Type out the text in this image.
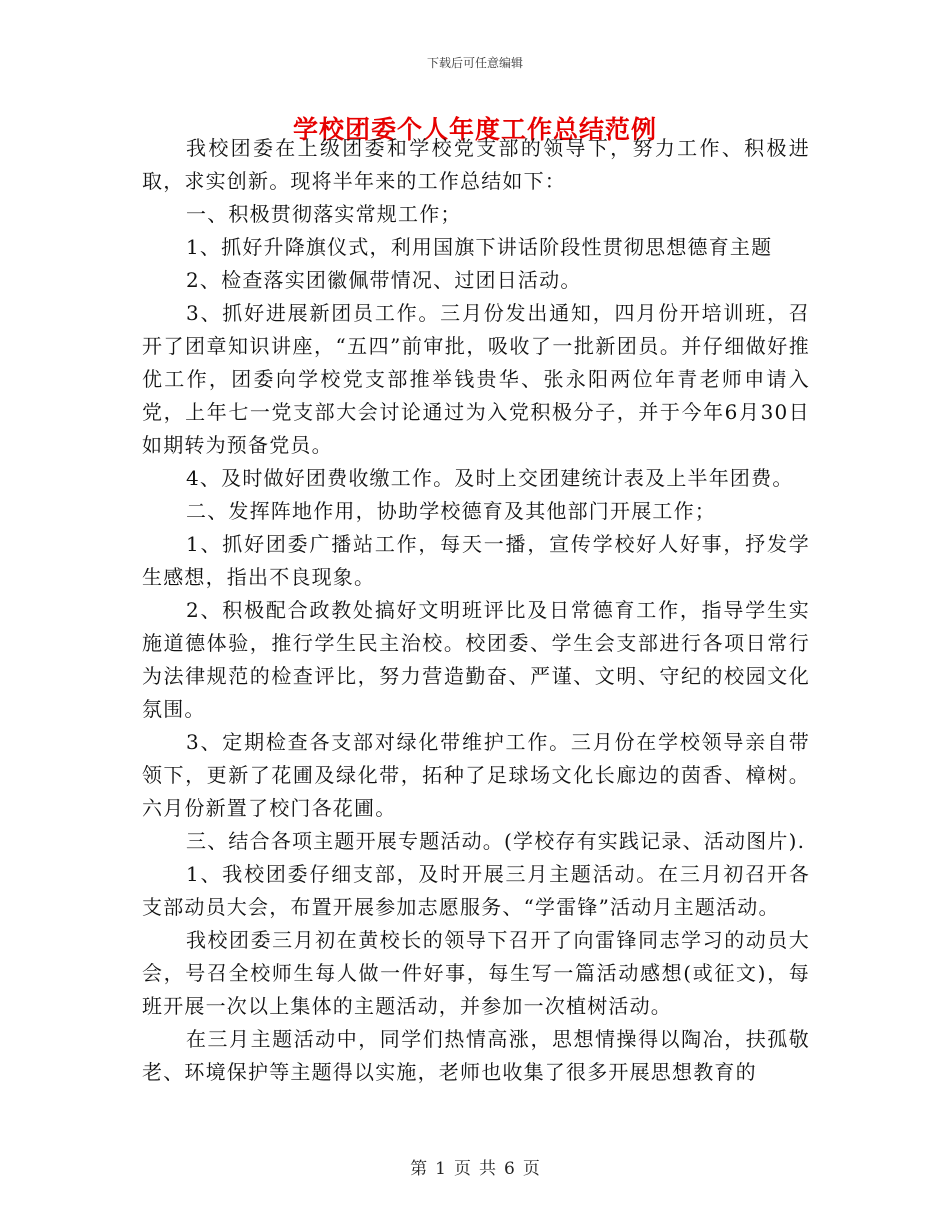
下载后可任意编辑
学校团委个人年度工作总结范例

我校团委在上级团委和学校党支部的领导下，努力工作、积极进取，求实创新。现将半年来的工作总结如下：

一、积极贯彻落实常规工作；

1、抓好升降旗仪式，利用国旗下讲话阶段性贯彻思想德育主题

2、检查落实团徽佩带情况、过团日活动。

3、抓好进展新团员工作。三月份发出通知，四月份开培训班，召开了团章知识讲座，“五四”前审批，吸收了一批新团员。并仔细做好推优工作，团委向学校党支部推举钱贵华、张永阳两位年青老师申请入党，上年七一党支部大会讨论通过为入党积极分子，并于今年6月30日如期转为预备党员。

4、及时做好团费收缴工作。及时上交团建统计表及上半年团费。

二、发挥阵地作用，协助学校德育及其他部门开展工作；

1、抓好团委广播站工作，每天一播，宣传学校好人好事，抒发学生感想，指出不良现象。

2、积极配合政教处搞好文明班评比及日常德育工作，指导学生实施道德体验，推行学生民主治校。校团委、学生会支部进行各项日常行为法律规范的检查评比，努力营造勤奋、严谨、文明、守纪的校园文化氛围。

3、定期检查各支部对绿化带维护工作。三月份在学校领导亲自带领下，更新了花圃及绿化带，拓种了足球场文化长廊边的茵香、樟树。六月份新置了校门各花圃。

三、结合各项主题开展专题活动。(学校存有实践记录、活动图片).

1、我校团委仔细支部，及时开展三月主题活动。在三月初召开各支部动员大会，布置开展参加志愿服务、“学雷锋”活动月主题活动。

我校团委三月初在黄校长的领导下召开了向雷锋同志学习的动员大会，号召全校师生每人做一件好事，每生写一篇活动感想(或征文)，每班开展一次以上集体的主题活动，并参加一次植树活动。

在三月主题活动中，同学们热情高涨，思想情操得以陶冶，扶孤敬老、环境保护等主题得以实施，老师也收集了很多开展思想教育的

第 1 页 共 6 页
